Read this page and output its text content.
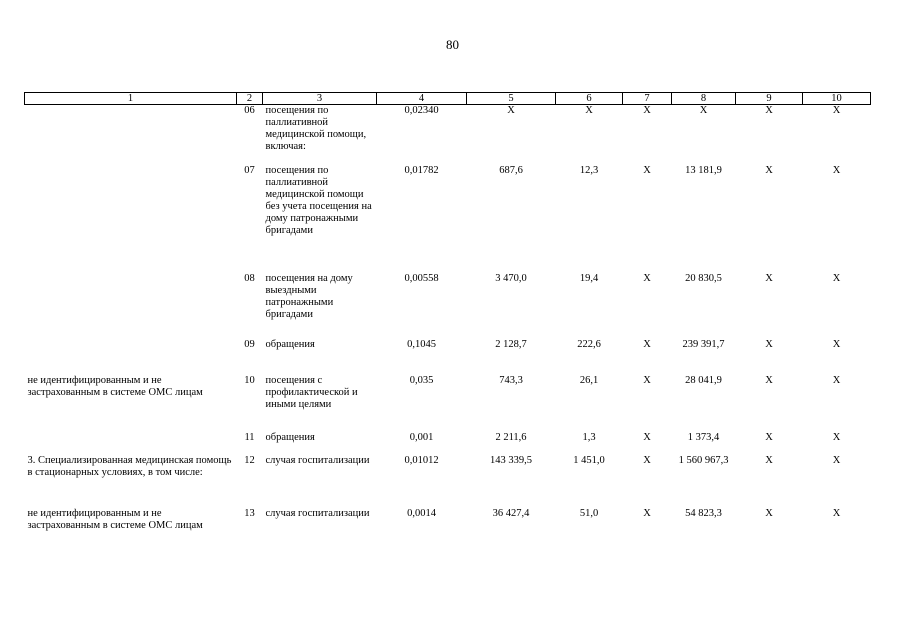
80
1	2	3	4	5	6	7	8	9	10
	06	посещения по паллиативной медицинской помощи, включая:	0,02340	Х	Х	Х	Х	Х	Х
	07	посещения по паллиативной медицинской помощи без учета посещения на дому патронажными бригадами	0,01782	687,6	12,3	Х	13 181,9	Х	Х
	08	посещения на дому выездными патронажными бригадами	0,00558	3 470,0	19,4	Х	20 830,5	Х	Х
	09	обращения	0,1045	2 128,7	222,6	Х	239 391,7	Х	Х
не идентифицированным и не застрахованным в системе ОМС лицам	10	посещения с профилактической и иными целями	0,035	743,3	26,1	Х	28 041,9	Х	Х
	11	обращения	0,001	2 211,6	1,3	Х	1 373,4	Х	Х
3. Специализированная медицинская помощь в стационарных условиях, в том числе:	12	случая госпитализации	0,01012	143 339,5	1 451,0	Х	1 560 967,3	Х	Х
не идентифицированным и не застрахованным в системе ОМС лицам	13	случая госпитализации	0,0014	36 427,4	51,0	Х	54 823,3	Х	Х
